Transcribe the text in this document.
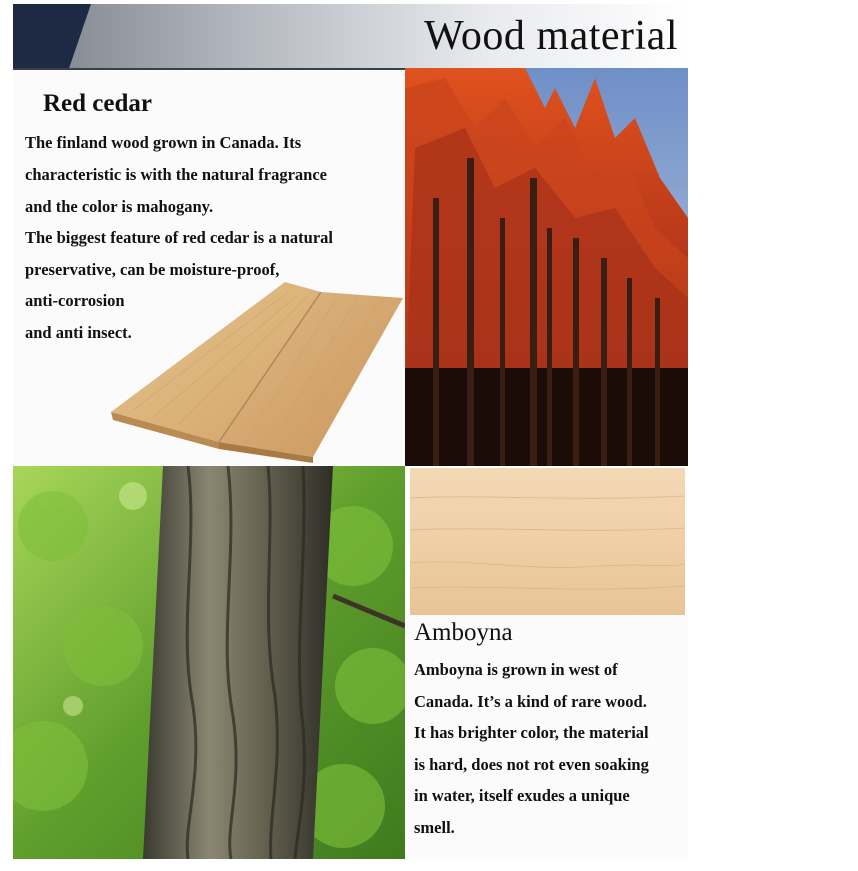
Wood material
Red cedar
The finland wood grown in Canada. Its
characteristic is with the natural fragrance
and the color is mahogany.
The biggest feature of red cedar is a natural
preservative, can be moisture-proof,
anti-corrosion
and anti insect.
Amboyna
Amboyna is grown in west of
Canada. It’s a kind of rare wood.
It has brighter color, the material
is hard, does not rot even soaking
in water, itself exudes a unique
smell.
